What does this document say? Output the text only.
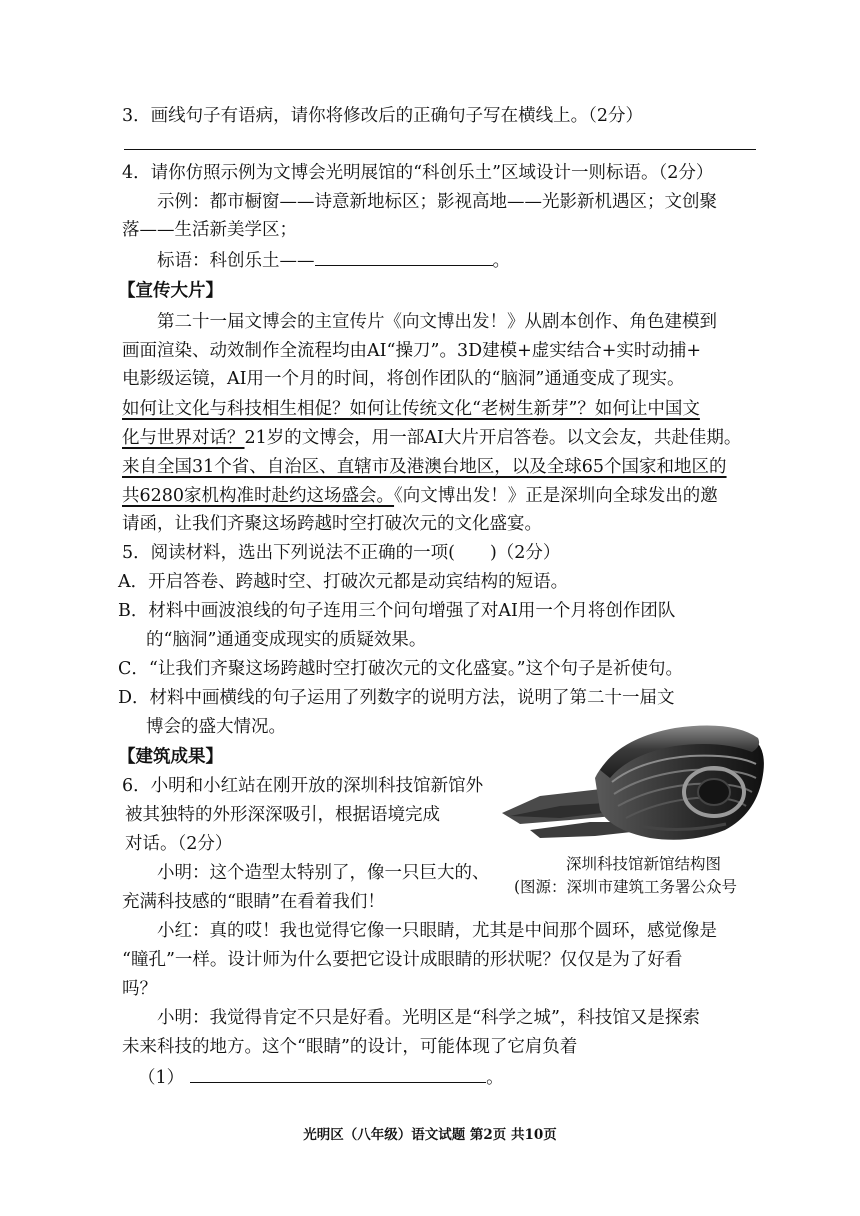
3．画线句子有语病，请你将修改后的正确句子写在横线上。（2分）
4．请你仿照示例为文博会光明展馆的“科创乐土”区域设计一则标语。（2分）
示例：都市橱窗——诗意新地标区；影视高地——光影新机遇区；文创聚
落——生活新美学区；
标语：科创乐土——	。
【宣传大片】
第二十一届文博会的主宣传片《向文博出发！》从剧本创作、角色建模到
画面渲染、动效制作全流程均由AI“操刀”。3D建模+虚实结合+实时动捕+
电影级运镜，AI用一个月的时间，将创作团队的“脑洞”通通变成了现实。
如何让文化与科技相生相促？如何让传统文化“老树生新芽”？如何让中国文
化与世界对话？21岁的文博会，用一部AI大片开启答卷。以文会友，共赴佳期。
来自全国31个省、自治区、直辖市及港澳台地区，以及全球65个国家和地区的
共6280家机构准时赴约这场盛会。《向文博出发！》正是深圳向全球发出的邀
请函，让我们齐聚这场跨越时空打破次元的文化盛宴。
5．阅读材料，选出下列说法不正确的一项(　　)（2分）
A．开启答卷、跨越时空、打破次元都是动宾结构的短语。
B．材料中画波浪线的句子连用三个问句增强了对AI用一个月将创作团队
的“脑洞”通通变成现实的质疑效果。
C．“让我们齐聚这场跨越时空打破次元的文化盛宴。”这个句子是祈使句。
D．材料中画横线的句子运用了列数字的说明方法，说明了第二十一届文
博会的盛大情况。
【建筑成果】
6．小明和小红站在刚开放的深圳科技馆新馆外
被其独特的外形深深吸引，根据语境完成
对话。（2分）
小明：这个造型太特别了，像一只巨大的、
充满科技感的“眼睛”在看着我们！
小红：真的哎！我也觉得它像一只眼睛，尤其是中间那个圆环，感觉像是
“瞳孔”一样。设计师为什么要把它设计成眼睛的形状呢？仅仅是为了好看
吗？
小明：我觉得肯定不只是好看。光明区是“科学之城”，科技馆又是探索
未来科技的地方。这个“眼睛”的设计，可能体现了它肩负着
（1）	。
深圳科技馆新馆结构图
(图源：深圳市建筑工务署公众号
光明区（八年级）语文试题 第2页 共10页
